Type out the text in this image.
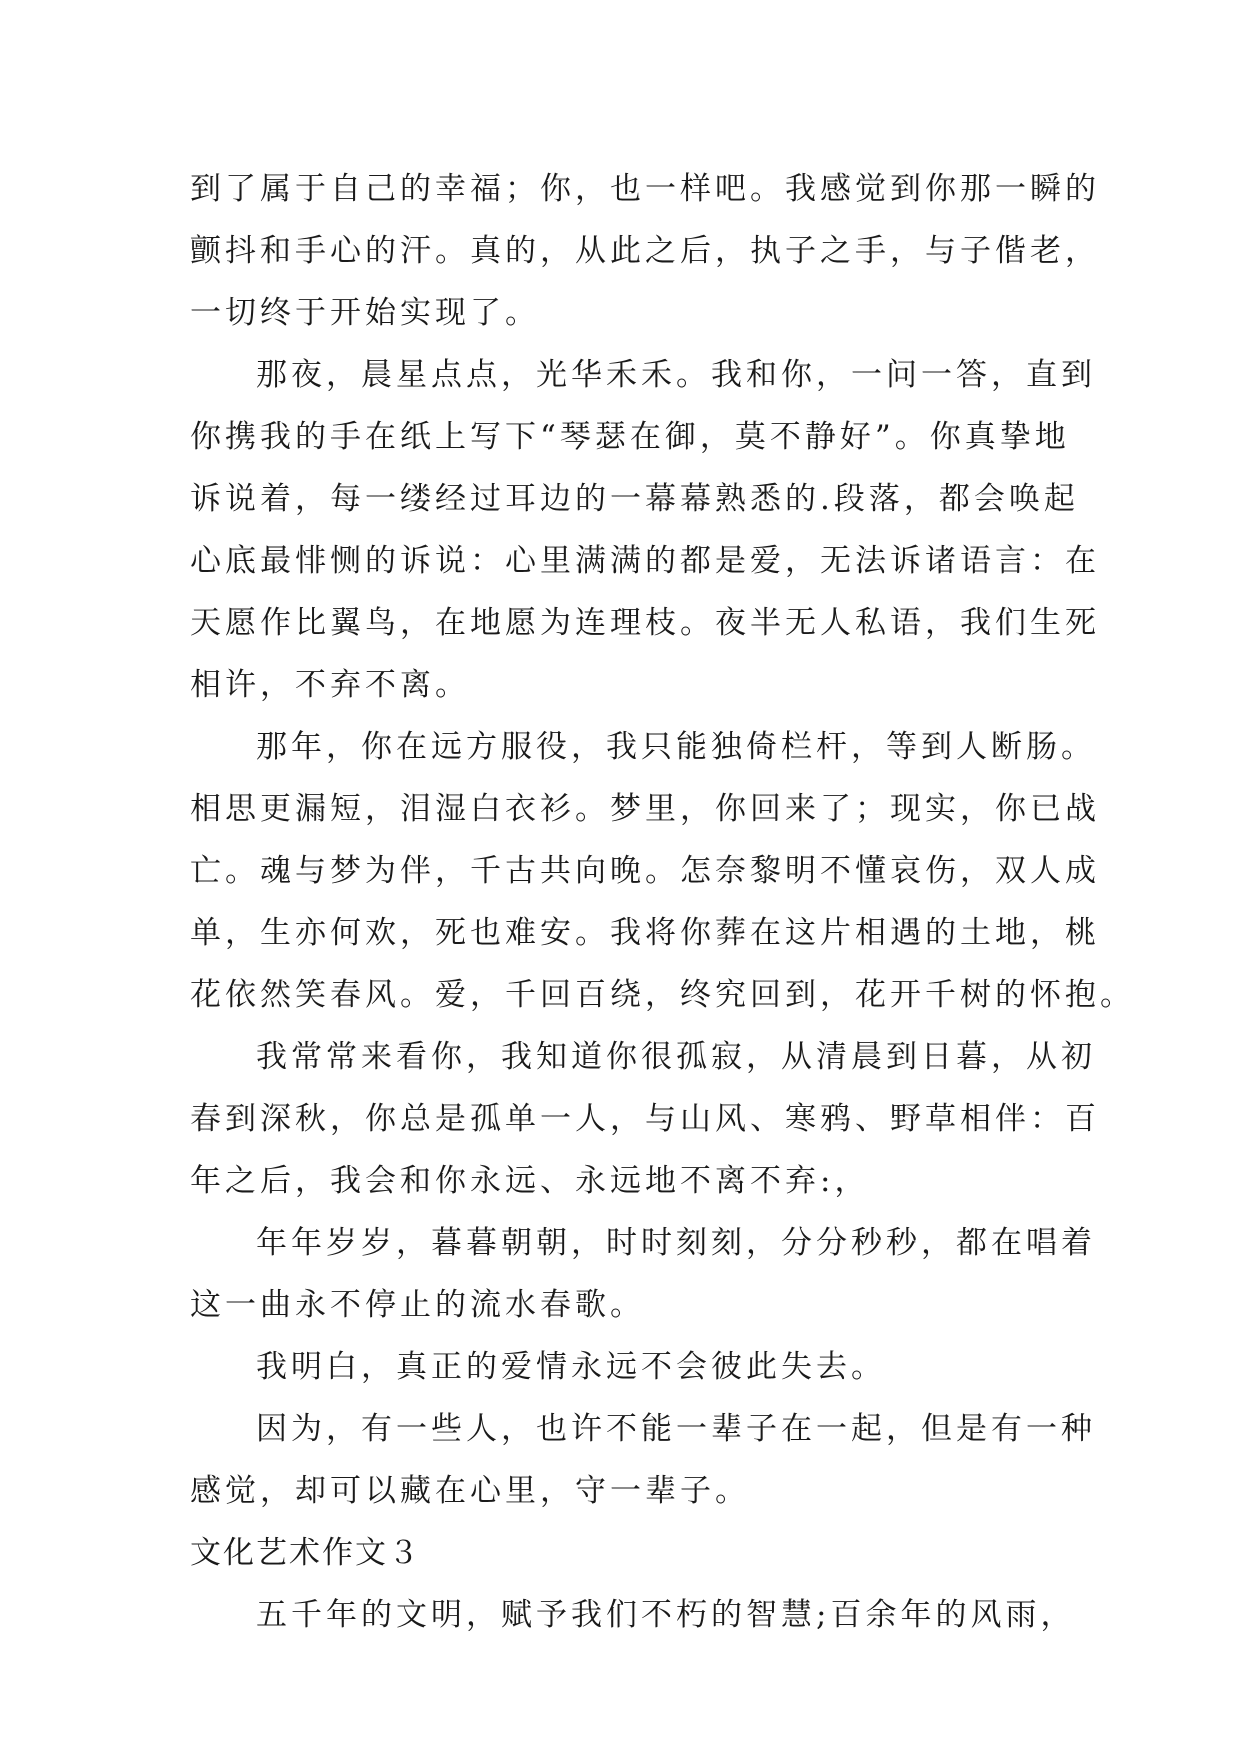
到了属于自己的幸福；你，也一样吧。我感觉到你那一瞬的
颤抖和手心的汗。真的，从此之后，执子之手，与子偕老，
一切终于开始实现了。
那夜，晨星点点，光华禾禾。我和你，一问一答，直到
你携我的手在纸上写下“琴瑟在御，莫不静好”。你真挚地
诉说着，每一缕经过耳边的一幕幕熟悉的.段落，都会唤起
心底最悱恻的诉说：心里满满的都是爱，无法诉诸语言：在
天愿作比翼鸟，在地愿为连理枝。夜半无人私语，我们生死
相许，不弃不离。
那年，你在远方服役，我只能独倚栏杆，等到人断肠。
相思更漏短，泪湿白衣衫。梦里，你回来了；现实，你已战
亡。魂与梦为伴，千古共向晚。怎奈黎明不懂哀伤，双人成
单，生亦何欢，死也难安。我将你葬在这片相遇的土地，桃
花依然笑春风。爱，千回百绕，终究回到，花开千树的怀抱。
我常常来看你，我知道你很孤寂，从清晨到日暮，从初
春到深秋，你总是孤单一人，与山风、寒鸦、野草相伴：百
年之后，我会和你永远、永远地不离不弃:，
年年岁岁，暮暮朝朝，时时刻刻，分分秒秒，都在唱着
这一曲永不停止的流水春歌。
我明白，真正的爱情永远不会彼此失去。
因为，有一些人，也许不能一辈子在一起，但是有一种
感觉，却可以藏在心里，守一辈子。
文化艺术作文３
五千年的文明，赋予我们不朽的智慧;百余年的风雨，
